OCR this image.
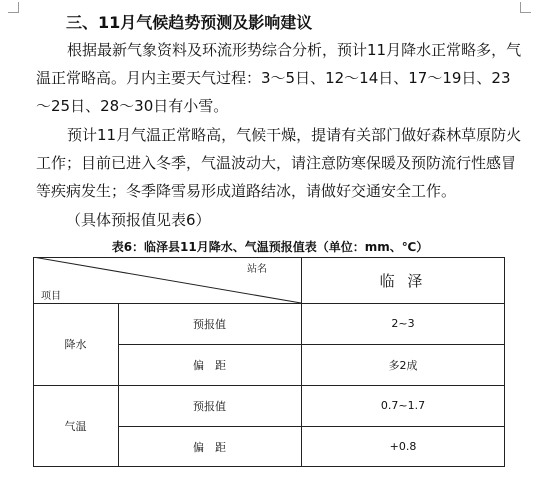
三、11月气候趋势预测及影响建议

根据最新气象资料及环流形势综合分析，预计11月降水正常略多，气温正常略高。月内主要天气过程：3～5日、12～14日、17～19日、23～25日、28～30日有小雪。

预计11月气温正常略高，气候干燥，提请有关部门做好森林草原防火工作；目前已进入冬季，气温波动大，请注意防寒保暖及预防流行性感冒等疾病发生；冬季降雪易形成道路结冰，请做好交通安全工作。

（具体预报值见表6）
表6：临泽县11月降水、气温预报值表（单位：mm、℃）
站名
项目
临 泽
降水
预报值	2~3
偏　距	多2成
气温
预报值	0.7~1.7
偏　距	+0.8
